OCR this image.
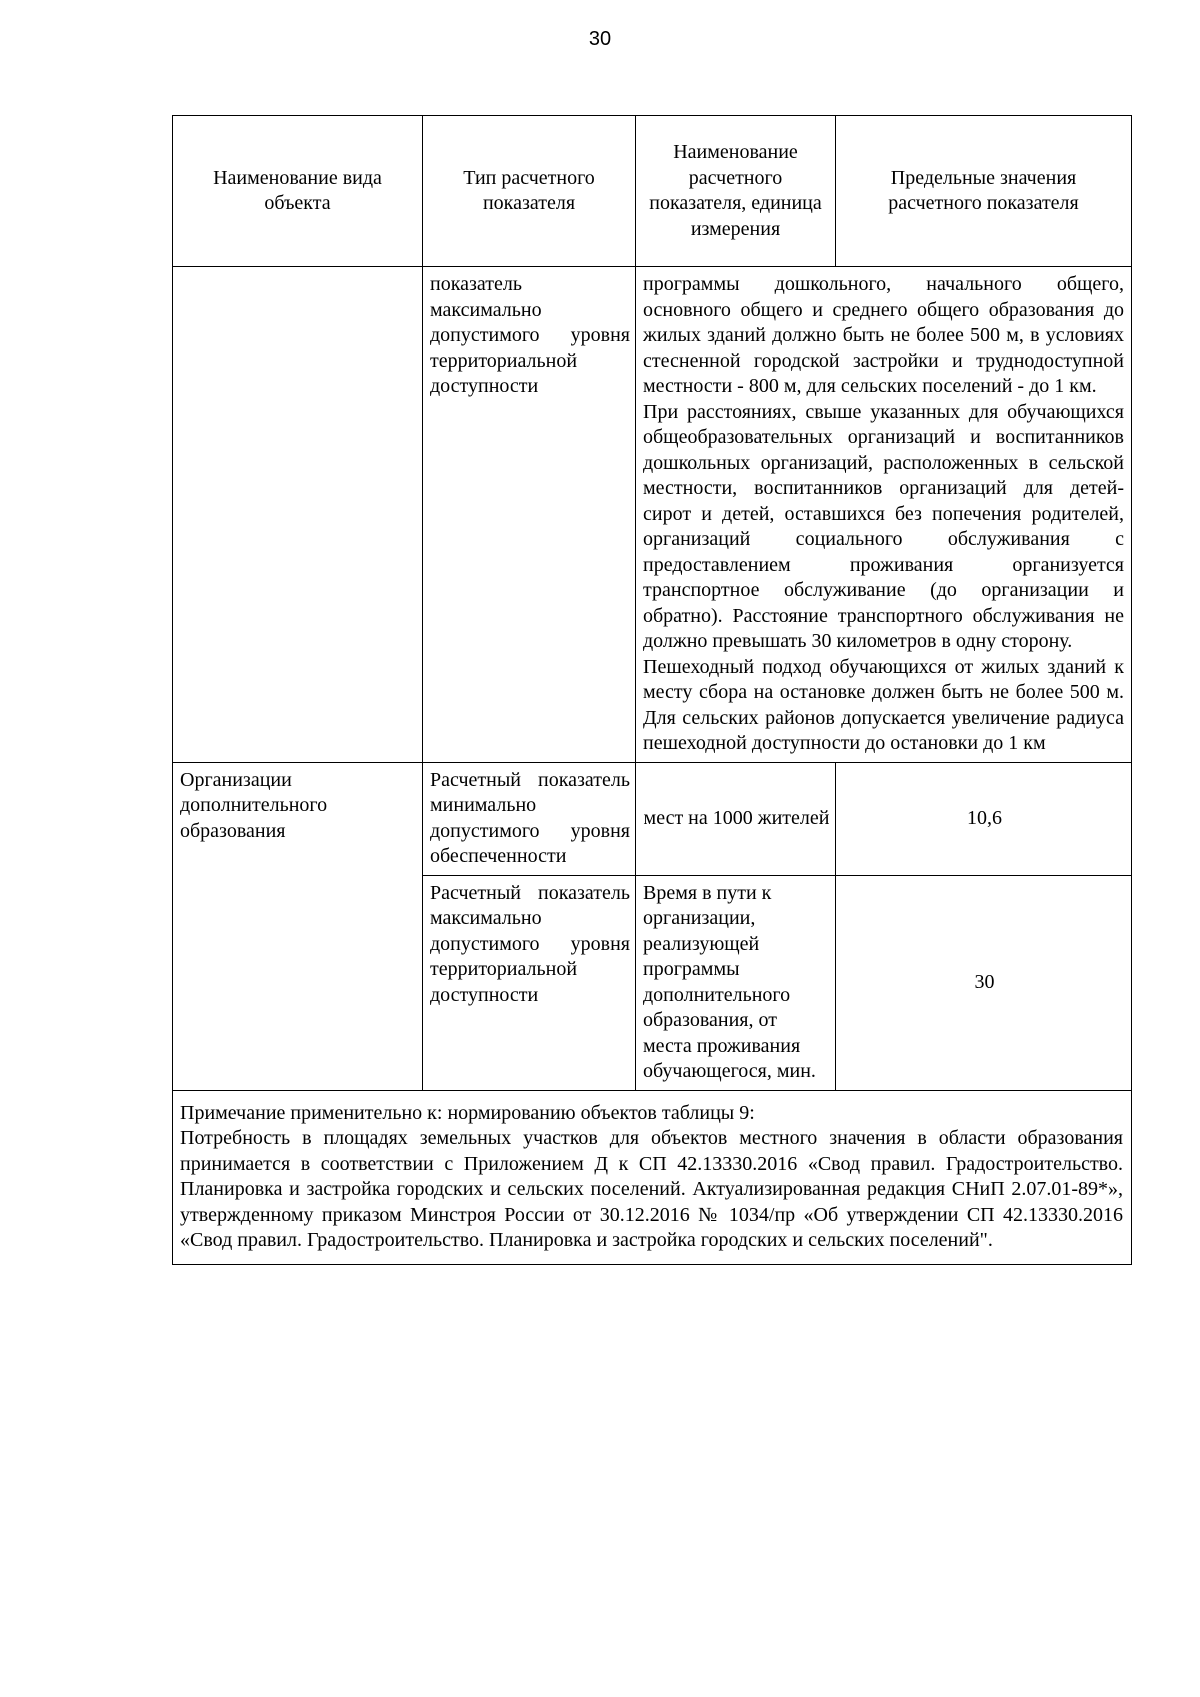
30
Наименование вида объекта	Тип расчетного показателя	Наименование расчетного показателя, единица измерения	Предельные значения расчетного показателя
	показатель максимально допустимого уровня территориальной доступности	программы дошкольного, начального общего, основного общего и среднего общего образования до жилых зданий должно быть не более 500 м, в условиях стесненной городской застройки и труднодоступной местности - 800 м, для сельских поселений - до 1 км.
При расстояниях, свыше указанных для обучающихся общеобразовательных организаций и воспитанников дошкольных организаций, расположенных в сельской местности, воспитанников организаций для детей-сирот и детей, оставшихся без попечения родителей, организаций социального обслуживания с предоставлением проживания организуется транспортное обслуживание (до организации и обратно). Расстояние транспортного обслуживания не должно превышать 30 километров в одну сторону.
Пешеходный подход обучающихся от жилых зданий к месту сбора на остановке должен быть не более 500 м. Для сельских районов допускается увеличение радиуса пешеходной доступности до остановки до 1 км	

Организации дополнительного образования	Расчетный показатель минимально допустимого уровня обеспеченности	мест на 1000 жителей	10,6
	Расчетный показатель максимально допустимого уровня территориальной доступности	Время в пути к организации, реализующей программы дополнительного образования, от места проживания обучающегося, мин.	30

Примечание применительно к: нормированию объектов таблицы 9:
Потребность в площадях земельных участков для объектов местного значения в области образования принимается в соответствии с Приложением Д к СП 42.13330.2016 «Свод правил. Градостроительство. Планировка и застройка городских и сельских поселений. Актуализированная редакция СНиП 2.07.01-89*», утвержденному приказом Минстроя России от 30.12.2016 № 1034/пр «Об утверждении СП 42.13330.2016 «Свод правил. Градостроительство. Планировка и застройка городских и сельских поселений".			
